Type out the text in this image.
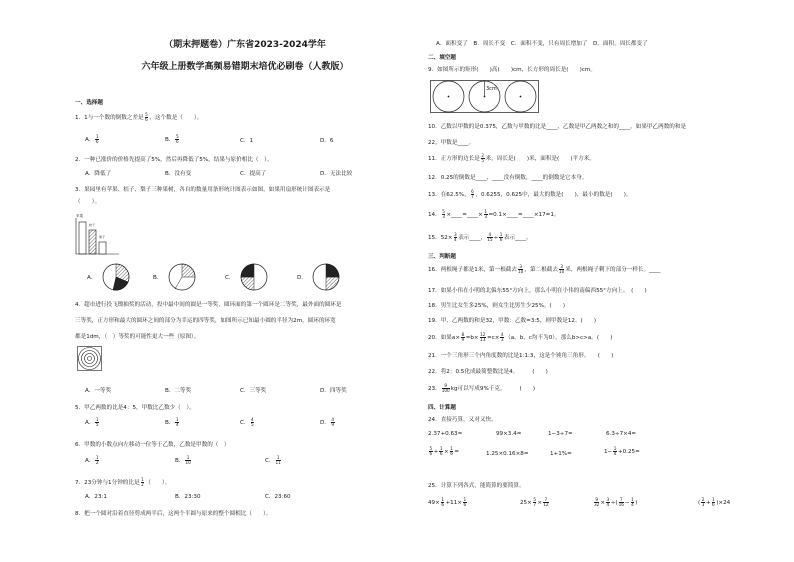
（期末押题卷）广东省2023-2024学年
六年级上册数学高频易错期末培优必刷卷（人教版）
一、选择题
1．1与一个数的倒数之差是 $\frac{5}{6}$ ，这个数是（　　）。
A． $\frac{1}{6}$	B． $\frac{5}{6}$	C．1	D．6
2．一种已涨价的价格先提高了5%，然后再降低了5%，结果与原价相比（　）。
A．降低了	B．没有变	C．提高了	D．无法比较
3．果园里有苹果、桔子、梨子三种果树，各自的数量用条形统计图表示如图，如果用扇形统计图表示是
（　　）。
苹果
桔子
梨子
A．	B．	C．	D．
4．超市进行投飞镖抽奖的活动，投中最中间的圆是一等奖，圆环面的第一个圆环是二等奖，最外面的圆环是
三等奖，正方形和最大的圆环之间的部分为幸运的四等奖，如图所示已知最小圆的半径为2m，圆环的环宽
都是1dm，（　）等奖的可能性更大一些（原图）。
A．一等奖	B．二等奖	C．三等奖	D．四等奖
5．甲乙两数的比是4：5，甲数比乙数少（　）。
A． $\frac{1}{5}$	B． $\frac{1}{4}$	C． $\frac{4}{5}$	D． $\frac{4}{9}$
6．甲数的小数点向左移动一位等于乙数，乙数是甲数的（　）
A． $\frac{1}{2}$	B． $\frac{1}{10}$	C． $\frac{1}{11}$
7．23分钟与1分钟的比是 $\frac{1}{2}$ （　　）。
A．23:1	B．23:30	C．23:60
8．把一个圆对沿着直径剪成两半后，这两个半圆与原来的整个圆相比（　　）。
A．面积变了　B．周长不变　C．面积不变，只有周长增加了　D．面积，周长都变了
二、填空题
9．如图所示的矩形(　　)高(　　)cm，长方形的周长是(　　)cm。
3cm
10．乙数以甲数的是0.375，乙数与甲数的比是____，乙数是甲乙两数之和的____，如果甲乙两数的和是
22，甲数是____。
11．正方形的边长是 $\frac{2}{5}$ 米，周长是(　　)米，面积是(　　)平方米。
12．0.25的倒数是____，____没有倒数，____的倒数是它本身。
13．在62.5%， $\frac{6}{7}$ ，0.6255，0.625中，最大的数是(　　)，最小的数是(　　)。
14． $\frac{5}{3}$ ×____=____× $\frac{1}{3}$ =0.1×____=____×17=1。
15．$52\times \frac{3}{4}$ 表示____， $\frac{4}{15} \div \frac{1}{6}$ 表示____。
三、判断题
16．两根绳子都是1米，第一根截去 $\frac{3}{10}$ ，第二根截去 $\frac{3}{10}$ 米，两根绳子剩下的部分一样长。____
17．如果小伟在小明的北偏东55°方向上，那么小明在小伟的南偏西55°方向上。　(　　)
18．男生比女生多25%，则女生比男生少25%。(　　)
19．甲、乙两数的和是32，甲数：乙数=3:5，则甲数是12。(　　)
20．如果$a\times \frac{8}{9} =b\times \frac{12}{13} =c\times \frac{4}{3} (a$，b，c均不为0），那么b>c>a。(　　)
21．一个三角形三个内角度数的比是1:1:3，这是个钝角三角形。　　(　　)
22．将2：0.5化成最简整数比是4。　　　(　　)
23． $\frac{9}{100}$ kg可以写成9%千克。　　　(　　)
四、计算题
24．直接巧算，又对又快。
2.37+0.63=	99×3.4=	1−3÷7=	6.3÷7×4=
$\frac{5}{6} + \frac{1}{6} \times \frac{1}{6}$ =	1.25×0.16×8=	1+1%=	$1- \frac{1}{4} +0.25=$
25．计算下列各式，能简算的要简算。
$49\times \frac{1}{6} +11\times \frac{1}{6}$	$25\times \frac{5}{7} \times \frac{7}{12}$	$\frac{9}{32} \times \frac{3}{4}$ ÷( $\frac{7}{16} - \frac{1}{4}$ )	( $\frac{2}{3} + \frac{1}{6} )\times 24$
